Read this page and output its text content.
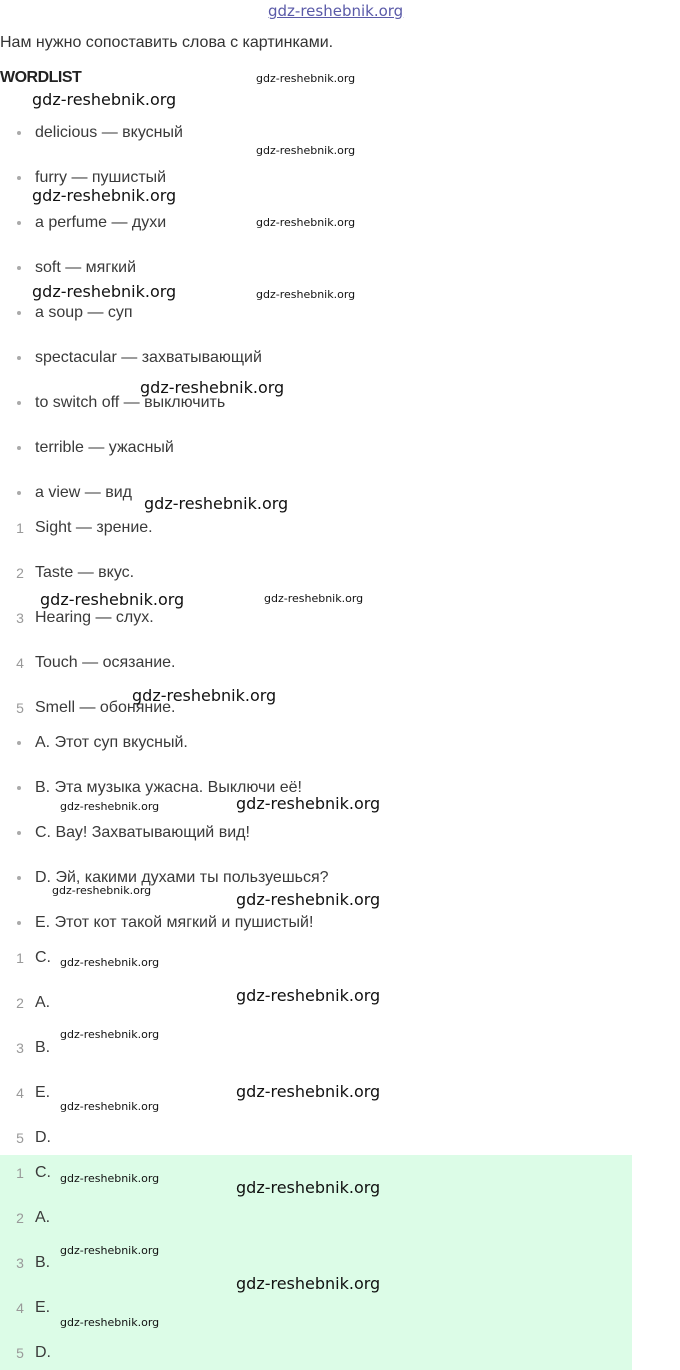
gdz-reshebnik.org
Нам нужно сопоставить слова с картинками.
WORDLIST
delicious — вкусный
furry — пушистый
a perfume — духи
soft — мягкий
a soup — суп
spectacular — захватывающий
to switch off — выключить
terrible — ужасный
a view — вид
1 Sight — зрение.
2 Taste — вкус.
3 Hearing — слух.
4 Touch — осязание.
5 Smell — обоняние.
A. Этот суп вкусный.
B. Эта музыка ужасна. Выключи её!
C. Вау! Захватывающий вид!
D. Эй, какими духами ты пользуешься?
E. Этот кот такой мягкий и пушистый!
1 C.
2 A.
3 B.
4 E.
5 D.
1 C.
2 A.
3 B.
4 E.
5 D.
gdz-reshebnik.org
gdz-reshebnik.org
gdz-reshebnik.org
gdz-reshebnik.org
gdz-reshebnik.org
gdz-reshebnik.org	gdz-reshebnik.org
gdz-reshebnik.org
gdz-reshebnik.org
gdz-reshebnik.org	gdz-reshebnik.org
gdz-reshebnik.org
gdz-reshebnik.org	gdz-reshebnik.org
gdz-reshebnik.org	gdz-reshebnik.org
gdz-reshebnik.org
gdz-reshebnik.org
gdz-reshebnik.org
gdz-reshebnik.org
gdz-reshebnik.org
gdz-reshebnik.org	gdz-reshebnik.org
gdz-reshebnik.org
gdz-reshebnik.org
gdz-reshebnik.org
